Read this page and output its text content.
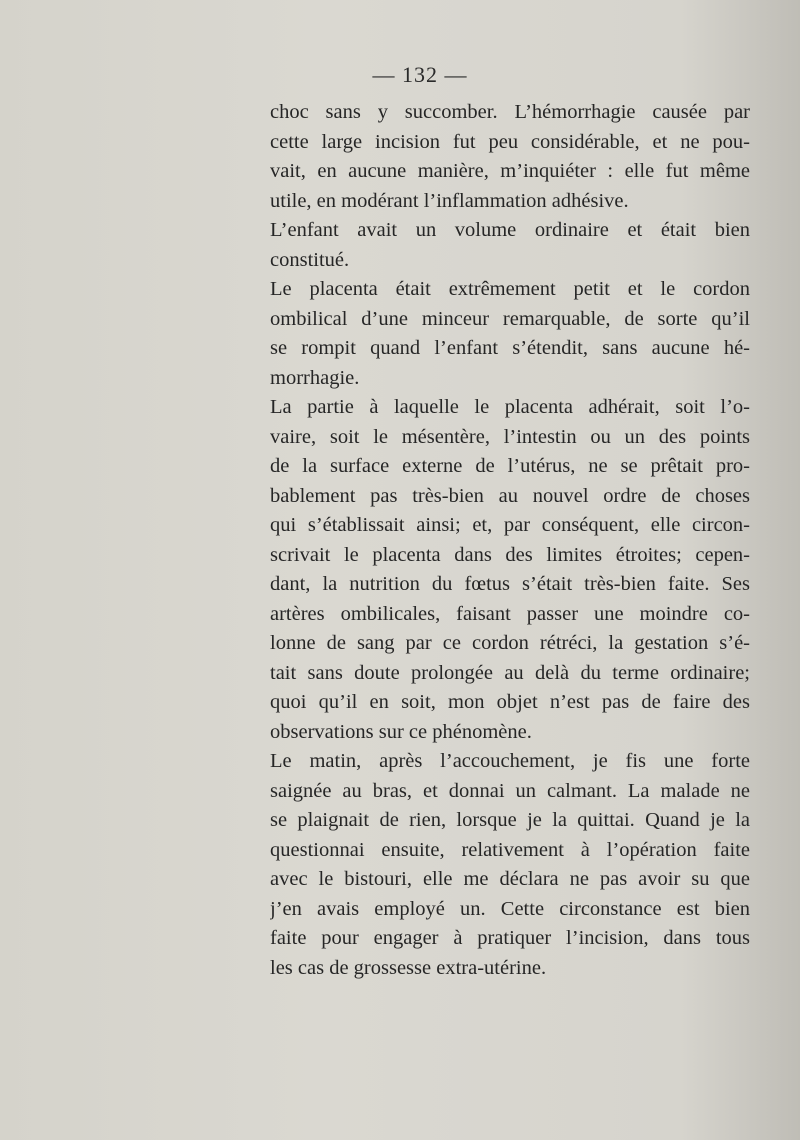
— 132 —
choc sans y succomber. L’hémorrhagie causée par
cette large incision fut peu considérable, et ne pou-
vait, en aucune manière, m’inquiéter : elle fut même
utile, en modérant l’inflammation adhésive.
L’enfant avait un volume ordinaire et était bien
constitué.
Le placenta était extrêmement petit et le cordon
ombilical d’une minceur remarquable, de sorte qu’il
se rompit quand l’enfant s’étendit, sans aucune hé-
morrhagie.
La partie à laquelle le placenta adhérait, soit l’o-
vaire, soit le mésentère, l’intestin ou un des points
de la surface externe de l’utérus, ne se prêtait pro-
bablement pas très-bien au nouvel ordre de choses
qui s’établissait ainsi; et, par conséquent, elle circon-
scrivait le placenta dans des limites étroites; cepen-
dant, la nutrition du fœtus s’était très-bien faite. Ses
artères ombilicales, faisant passer une moindre co-
lonne de sang par ce cordon rétréci, la gestation s’é-
tait sans doute prolongée au delà du terme ordinaire;
quoi qu’il en soit, mon objet n’est pas de faire des
observations sur ce phénomène.
Le matin, après l’accouchement, je fis une forte
saignée au bras, et donnai un calmant. La malade ne
se plaignait de rien, lorsque je la quittai. Quand je la
questionnai ensuite, relativement à l’opération faite
avec le bistouri, elle me déclara ne pas avoir su que
j’en avais employé un. Cette circonstance est bien
faite pour engager à pratiquer l’incision, dans tous
les cas de grossesse extra-utérine.
